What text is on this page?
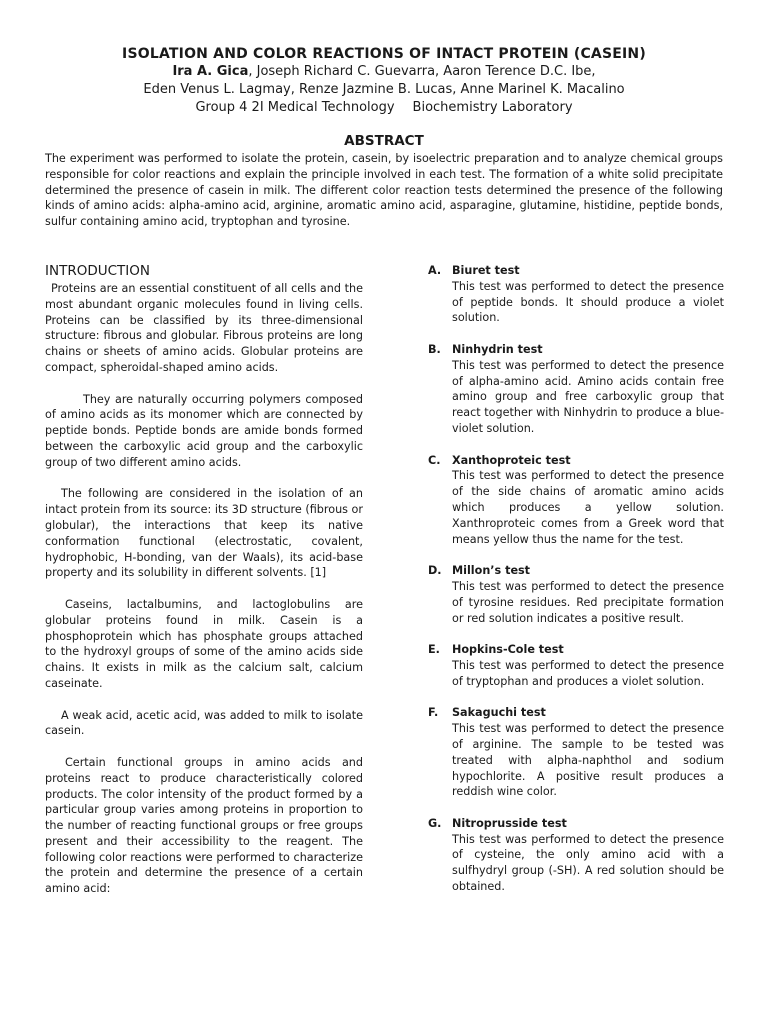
ISOLATION AND COLOR REACTIONS OF INTACT PROTEIN (CASEIN)
Ira A. Gica, Joseph Richard C. Guevarra, Aaron Terence D.C. Ibe,
Eden Venus L. Lagmay, Renze Jazmine B. Lucas, Anne Marinel K. Macalino
Group 4 2I Medical Technology Biochemistry Laboratory
ABSTRACT
The experiment was performed to isolate the protein, casein, by isoelectric preparation and to analyze chemical groups responsible for color reactions and explain the principle involved in each test. The formation of a white solid precipitate determined the presence of casein in milk. The different color reaction tests determined the presence of the following kinds of amino acids: alpha-amino acid, arginine, aromatic amino acid, asparagine, glutamine, histidine, peptide bonds, sulfur containing amino acid, tryptophan and tyrosine.
INTRODUCTION

Proteins are an essential constituent of all cells and the most abundant organic molecules found in living cells. Proteins can be classified by its three-dimensional structure: fibrous and globular. Fibrous proteins are long chains or sheets of amino acids. Globular proteins are compact, spheroidal-shaped amino acids.

They are naturally occurring polymers composed of amino acids as its monomer which are connected by peptide bonds. Peptide bonds are amide bonds formed between the carboxylic acid group and the carboxylic group of two different amino acids.

The following are considered in the isolation of an intact protein from its source: its 3D structure (fibrous or globular), the interactions that keep its native conformation functional (electrostatic, covalent, hydrophobic, H-bonding, van der Waals), its acid-base property and its solubility in different solvents. [1]

Caseins, lactalbumins, and lactoglobulins are globular proteins found in milk. Casein is a phosphoprotein which has phosphate groups attached to the hydroxyl groups of some of the amino acids side chains. It exists in milk as the calcium salt, calcium caseinate.

A weak acid, acetic acid, was added to milk to isolate casein.

Certain functional groups in amino acids and proteins react to produce characteristically colored products. The color intensity of the product formed by a particular group varies among proteins in proportion to the number of reacting functional groups or free groups present and their accessibility to the reagent. The following color reactions were performed to characterize the protein and determine the presence of a certain amino acid:

A. Biuret test
This test was performed to detect the presence of peptide bonds. It should produce a violet solution.
B.	Ninhydrin test
This test was performed to detect the presence of alpha-amino acid. Amino acids contain free amino group and free carboxylic group that react together with Ninhydrin to produce a blue-violet solution.
C.	Xanthoproteic test
This test was performed to detect the presence of the side chains of aromatic amino acids which produces a yellow solution. Xanthroproteic comes from a Greek word that means yellow thus the name for the test.
D. Millon’s test
This test was performed to detect the presence of tyrosine residues. Red precipitate formation or red solution indicates a positive result.
E.	Hopkins-Cole test
This test was performed to detect the presence of tryptophan and produces a violet solution.
F.	Sakaguchi test
This test was performed to detect the presence of arginine. The sample to be tested was treated with alpha-naphthol and sodium hypochlorite. A positive result produces a reddish wine color.
G. Nitroprusside test
This test was performed to detect the presence of cysteine, the only amino acid with a sulfhydryl group (-SH). A red solution should be obtained.
